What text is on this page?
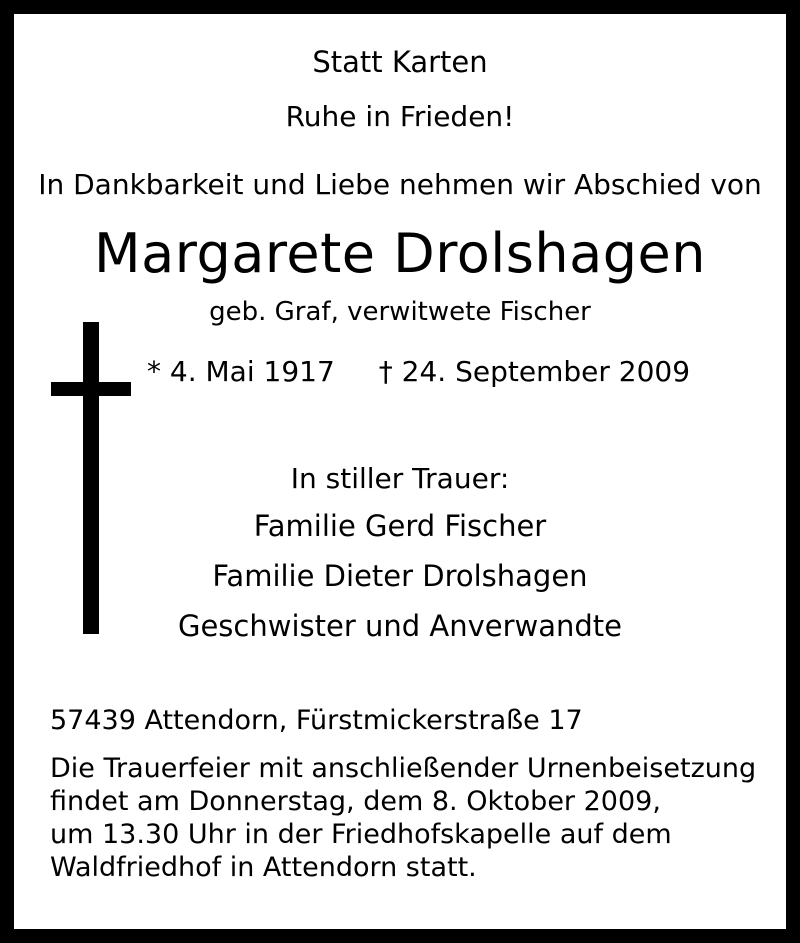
Statt Karten
Ruhe in Frieden!
In Dankbarkeit und Liebe nehmen wir Abschied von
Margarete Drolshagen
geb. Graf, verwitwete Fischer
* 4. Mai 1917 † 24. September 2009
In stiller Trauer:
Familie Gerd Fischer
Familie Dieter Drolshagen
Geschwister und Anverwandte
57439 Attendorn, Fürstmickerstraße 17
Die Trauerfeier mit anschließender Urnenbeisetzung
findet am Donnerstag, dem 8. Oktober 2009,
um 13.30 Uhr in der Friedhofskapelle auf dem
Waldfriedhof in Attendorn statt.
